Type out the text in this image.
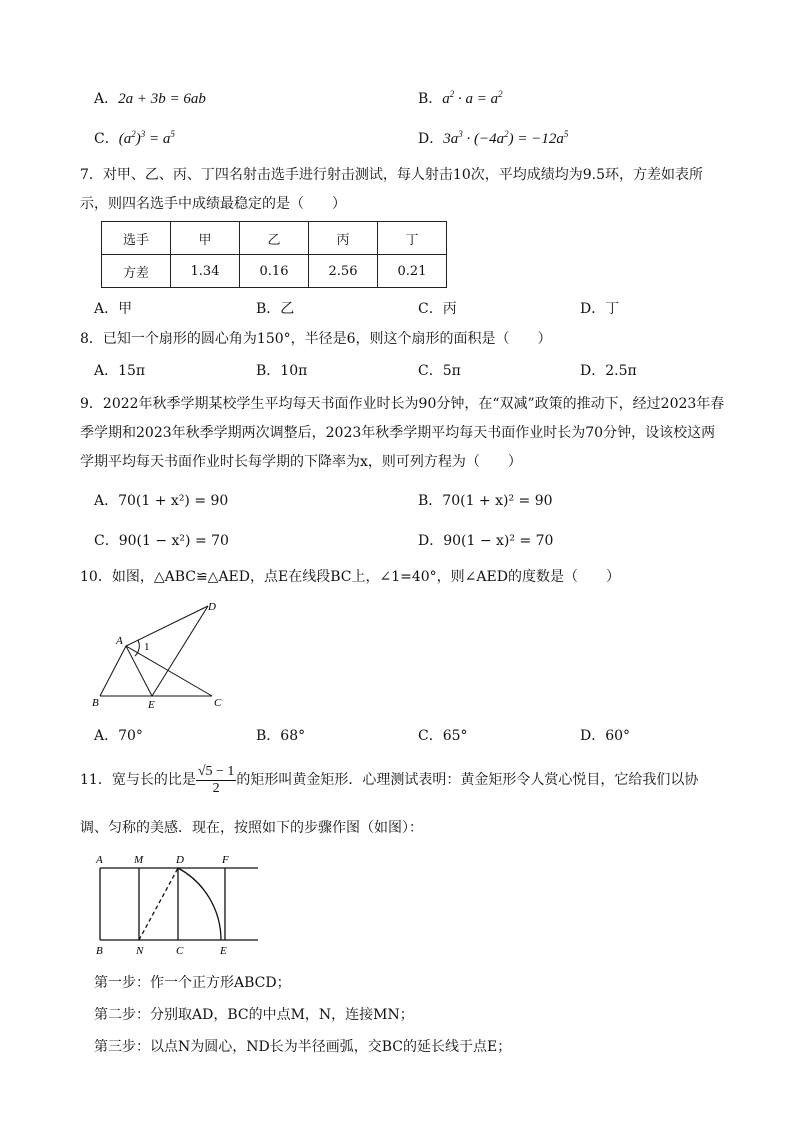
A．2a + 3b = 6ab	B．$a^2 \cdot a = a^2$
C．$(a^2)^3 = a^5$	D．$3a^3 \cdot (-4a^2) = -12a^5$
7．对甲、乙、丙、丁四名射击选手进行射击测试，每人射击10次，平均成绩均为9.5环，方差如表所
示，则四名选手中成绩最稳定的是（　　）
选手	甲	乙	丙	丁
方差	1.34	0.16	2.56	0.21
A．甲	B．乙	C．丙	D．丁
8．已知一个扇形的圆心角为150°，半径是6，则这个扇形的面积是（　　）
A．15π	B．10π	C．5π	D．2.5π
9．2022年秋季学期某校学生平均每天书面作业时长为90分钟，在“双减”政策的推动下，经过2023年春
季学期和2023年秋季学期两次调整后，2023年秋季学期平均每天书面作业时长为70分钟，设该校这两
学期平均每天书面作业时长每学期的下降率为x，则可列方程为（　　）
A．70(1 + x²) = 90	B．70(1 + x)² = 90
C．90(1 − x²) = 70	D．90(1 − x)² = 70
10．如图，△ABC≌△AED，点E在线段BC上，∠1=40°，则∠AED的度数是（　　）
A
B	C
D
E
1
A．70°	B．68°	C．65°	D．60°
11．宽与长的比是 $\frac{√5 - 1}{2}$ 的矩形叫黄金矩形．心理测试表明：黄金矩形令人赏心悦目，它给我们以协
调、匀称的美感．现在，按照如下的步骤作图（如图）：
A	M	D	F
B	N	C	E
第一步：作一个正方形ABCD；
第二步：分别取AD，BC的中点M，N，连接MN；
第三步：以点N为圆心，ND长为半径画弧，交BC的延长线于点E；
